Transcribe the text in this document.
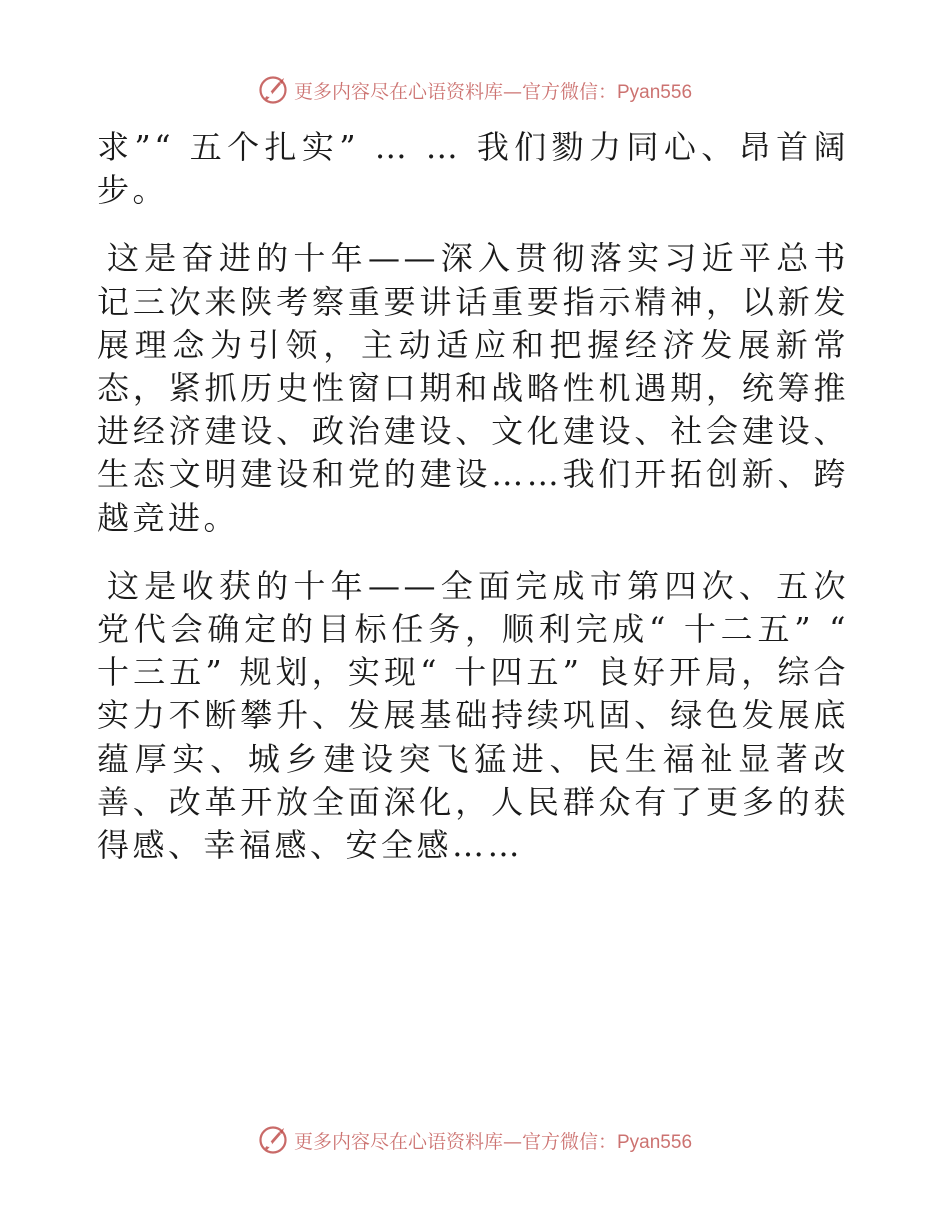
更多内容尽在心语资料库—官方微信：Pyan556

求”“ 五个扎实” … … 我们勠力同心、昂首阔步。

这是奋进的十年——深入贯彻落实习近平总书记三次来陕考察重要讲话重要指示精神，以新发展理念为引领，主动适应和把握经济发展新常态，紧抓历史性窗口期和战略性机遇期，统筹推进经济建设、政治建设、文化建设、社会建设、生态文明建设和党的建设……我们开拓创新、跨越竞进。

这是收获的十年——全面完成市第四次、五次党代会确定的目标任务，顺利完成“ 十二五” “ 十三五” 规划，实现“ 十四五” 良好开局，综合实力不断攀升、发展基础持续巩固、绿色发展底蕴厚实、城乡建设突飞猛进、民生福祉显著改善、改革开放全面深化，人民群众有了更多的获得感、幸福感、安全感……

更多内容尽在心语资料库—官方微信：Pyan556
